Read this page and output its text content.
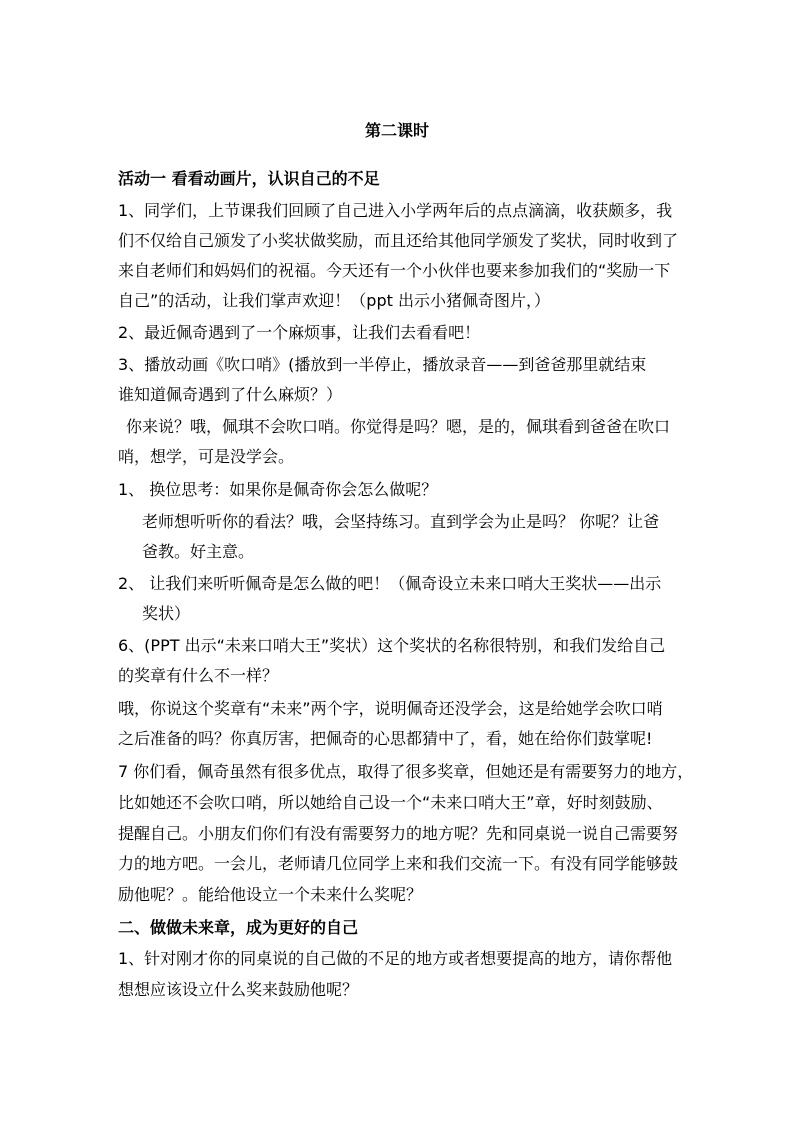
第二课时
活动一 看看动画片，认识自己的不足
1、同学们，上节课我们回顾了自己进入小学两年后的点点滴滴，收获颇多，我
们不仅给自己颁发了小奖状做奖励，而且还给其他同学颁发了奖状，同时收到了
来自老师们和妈妈们的祝福。今天还有一个小伙伴也要来参加我们的“奖励一下
自己”的活动，让我们掌声欢迎！（ppt 出示小猪佩奇图片，）
2、最近佩奇遇到了一个麻烦事，让我们去看看吧！
3、播放动画《吹口哨》(播放到一半停止，播放录音——到爸爸那里就结束
谁知道佩奇遇到了什么麻烦？）
你来说？哦，佩琪不会吹口哨。你觉得是吗？嗯，是的，佩琪看到爸爸在吹口
哨，想学，可是没学会。
1、 换位思考：如果你是佩奇你会怎么做呢？
老师想听听你的看法？哦，会坚持练习。直到学会为止是吗？ 你呢？让爸
爸教。好主意。
2、 让我们来听听佩奇是怎么做的吧！（佩奇设立未来口哨大王奖状——出示
奖状）
6、(PPT 出示“未来口哨大王”奖状）这个奖状的名称很特别，和我们发给自己
的奖章有什么不一样？
哦，你说这个奖章有“未来”两个字，说明佩奇还没学会，这是给她学会吹口哨
之后准备的吗？你真厉害，把佩奇的心思都猜中了，看，她在给你们鼓掌呢!
7 你们看，佩奇虽然有很多优点，取得了很多奖章，但她还是有需要努力的地方，
比如她还不会吹口哨，所以她给自己设一个“未来口哨大王”章，好时刻鼓励、
提醒自己。小朋友们你们有没有需要努力的地方呢？先和同桌说一说自己需要努
力的地方吧。一会儿，老师请几位同学上来和我们交流一下。有没有同学能够鼓
励他呢？。能给他设立一个未来什么奖呢？
二、做做未来章，成为更好的自己
1、针对刚才你的同桌说的自己做的不足的地方或者想要提高的地方，请你帮他
想想应该设立什么奖来鼓励他呢？
